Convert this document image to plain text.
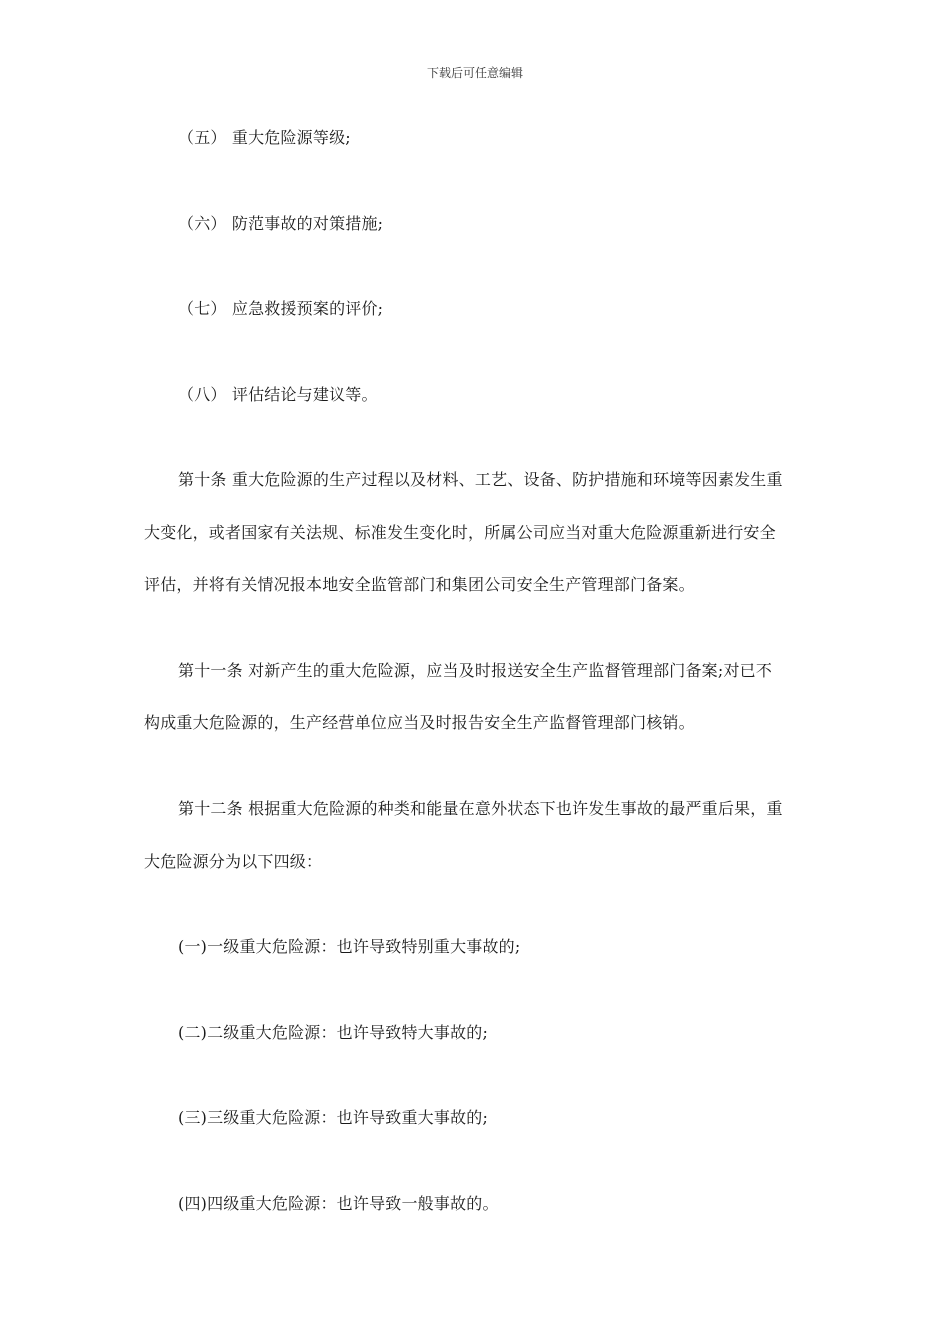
下载后可任意编辑
（五） 重大危险源等级;
（六） 防范事故的对策措施;
（七） 应急救援预案的评价;
（八） 评估结论与建议等。
第十条 重大危险源的生产过程以及材料、工艺、设备、防护措施和环境等因素发生重
大变化，或者国家有关法规、标准发生变化时，所属公司应当对重大危险源重新进行安全
评估，并将有关情况报本地安全监管部门和集团公司安全生产管理部门备案。
第十一条 对新产生的重大危险源，应当及时报送安全生产监督管理部门备案;对已不
构成重大危险源的，生产经营单位应当及时报告安全生产监督管理部门核销。
第十二条 根据重大危险源的种类和能量在意外状态下也许发生事故的最严重后果，重
大危险源分为以下四级：
(一)一级重大危险源：也许导致特别重大事故的;
(二)二级重大危险源：也许导致特大事故的;
(三)三级重大危险源：也许导致重大事故的;
(四)四级重大危险源：也许导致一般事故的。
